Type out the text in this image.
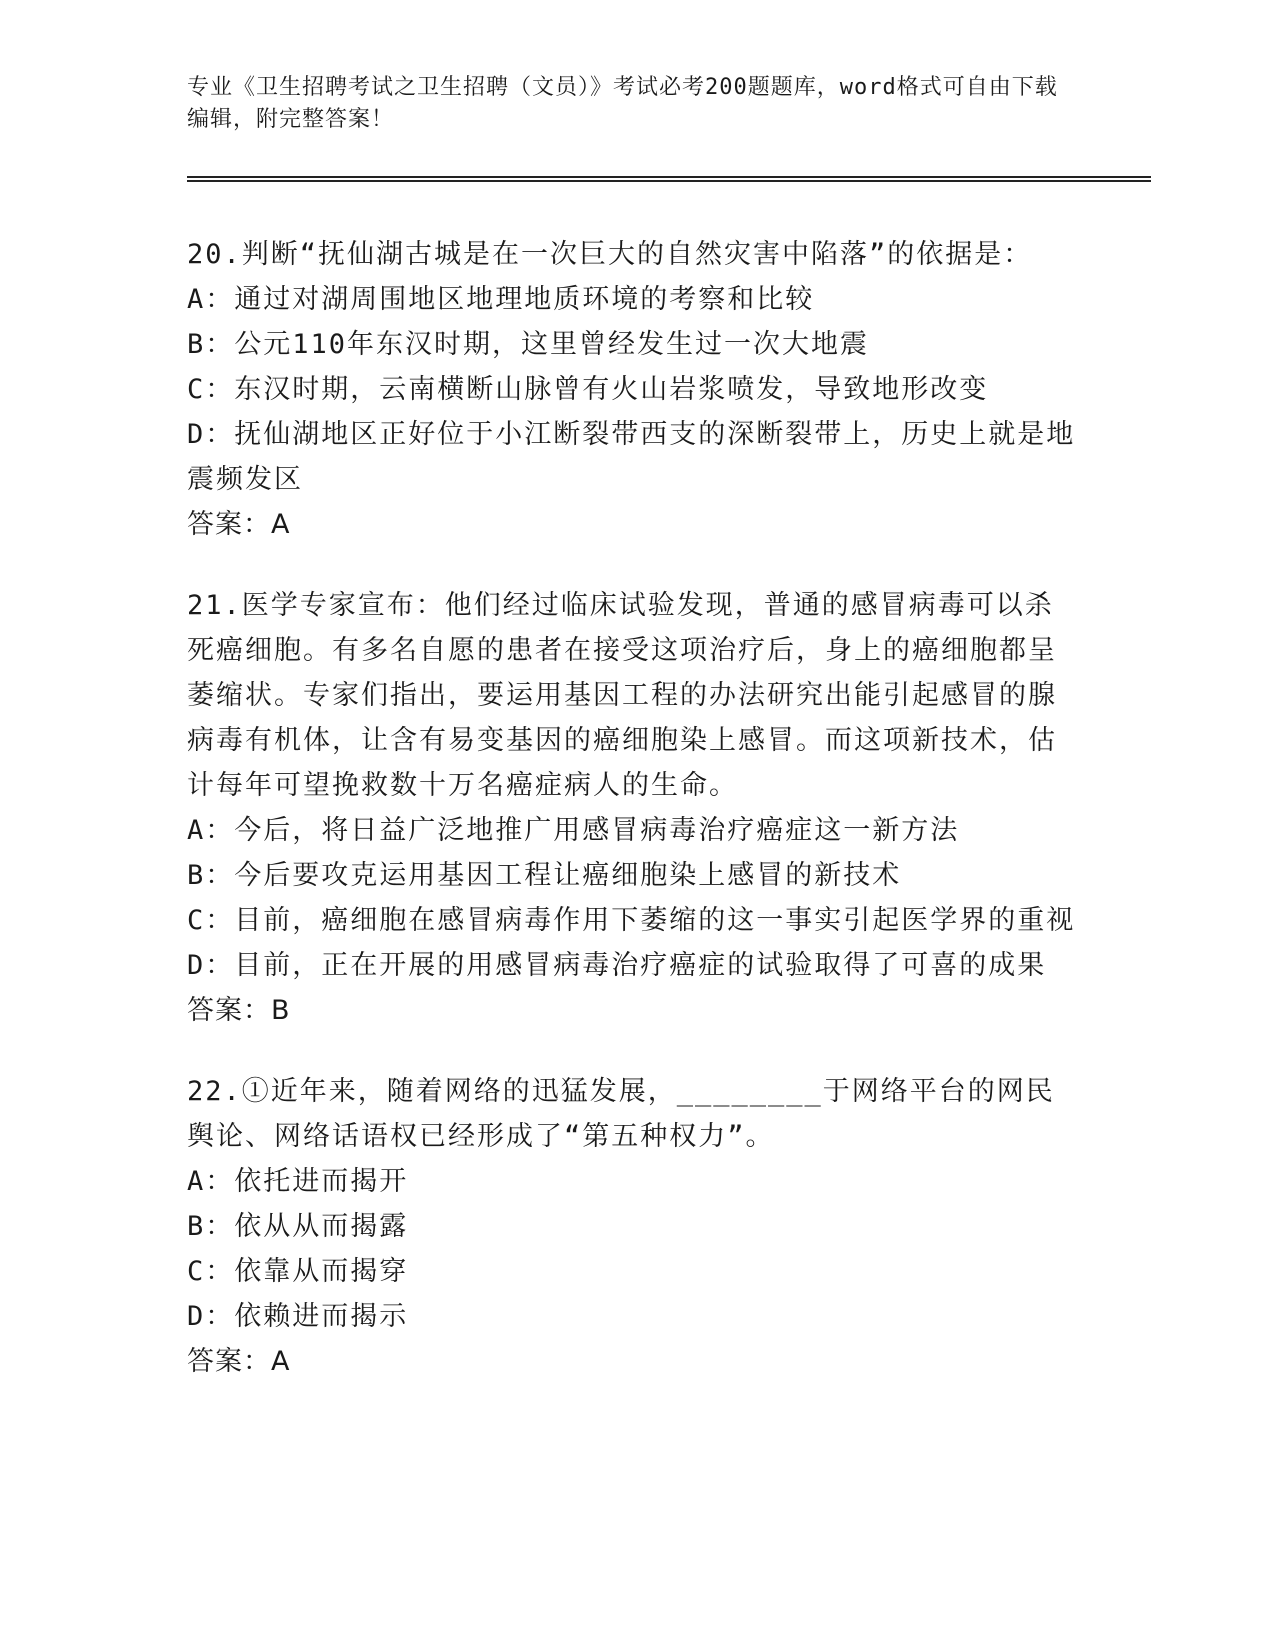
专业《卫生招聘考试之卫生招聘（文员）》考试必考200题题库，word格式可自由下载编辑，附完整答案！
20.判断“抚仙湖古城是在一次巨大的自然灾害中陷落”的依据是：
A：通过对湖周围地区地理地质环境的考察和比较
B：公元110年东汉时期，这里曾经发生过一次大地震
C：东汉时期，云南横断山脉曾有火山岩浆喷发，导致地形改变
D：抚仙湖地区正好位于小江断裂带西支的深断裂带上，历史上就是地震频发区
答案：A
21.医学专家宣布：他们经过临床试验发现，普通的感冒病毒可以杀死癌细胞。有多名自愿的患者在接受这项治疗后，身上的癌细胞都呈萎缩状。专家们指出，要运用基因工程的办法研究出能引起感冒的腺病毒有机体，让含有易变基因的癌细胞染上感冒。而这项新技术，估计每年可望挽救数十万名癌症病人的生命。
A：今后，将日益广泛地推广用感冒病毒治疗癌症这一新方法
B：今后要攻克运用基因工程让癌细胞染上感冒的新技术
C：目前，癌细胞在感冒病毒作用下萎缩的这一事实引起医学界的重视
D：目前，正在开展的用感冒病毒治疗癌症的试验取得了可喜的成果
答案：B
22.①近年来，随着网络的迅猛发展，________于网络平台的网民舆论、网络话语权已经形成了“第五种权力”。
A：依托进而揭开
B：依从从而揭露
C：依靠从而揭穿
D：依赖进而揭示
答案：A
